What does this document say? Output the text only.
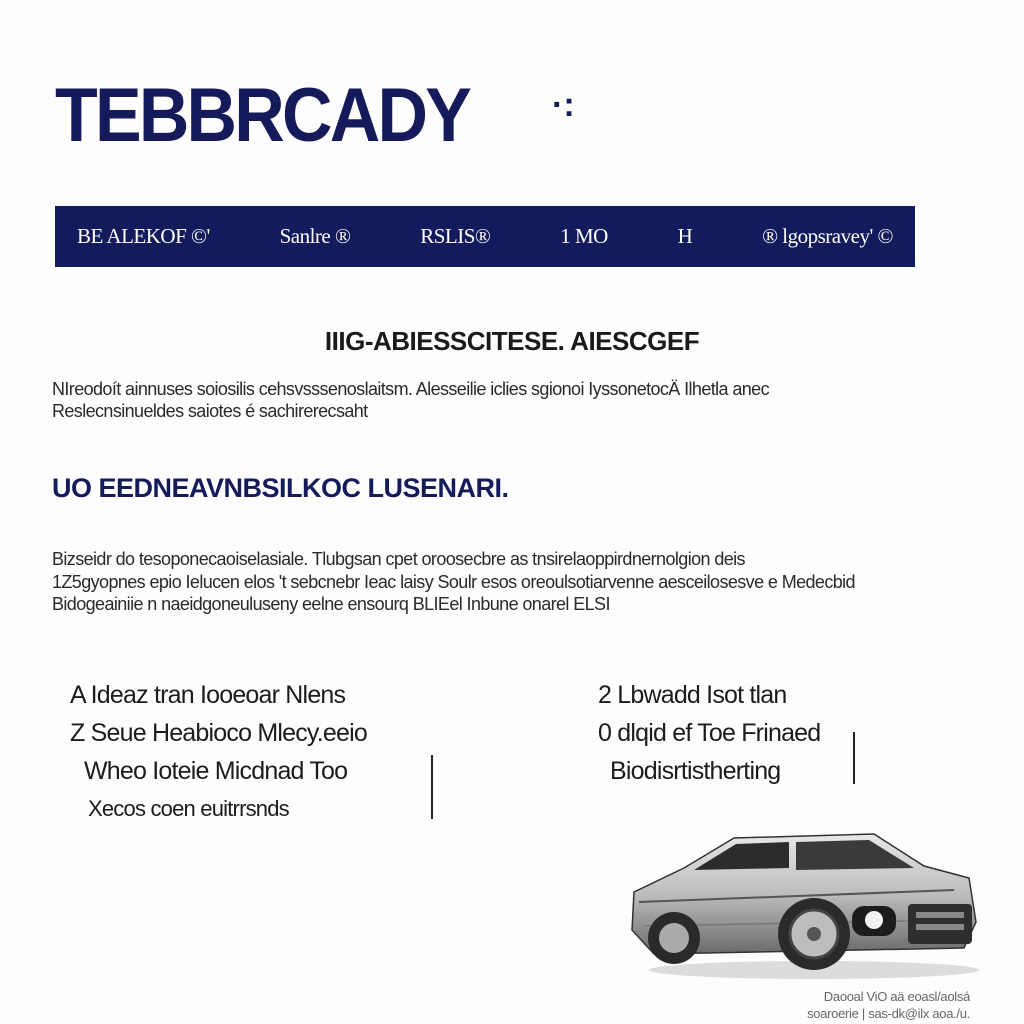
TEBBRCADY ·:
BE ALEKOF ©'	Sanlre ®	RSLIS®	1 MO	H	® lgopsravey' ©
IIIG-ABIESSCITESE. AIESCGEF

NIreodoít ainnuses soiosilis cehsvsssenoslaitsm. Alesseilie iclies sgionoi IyssonetocÄ Ilhetla anec
Reslecnsinueldes saiotes é sachirerecsaht

UO EEDNEAVNBSILKOC LUSENARI.

Bizseidr do tesoponecaoiselasiale. Tlubgsan cpet oroosecbre as tnsirelaoppirdnernolgion deis
1Z5gyopnes epio Ielucen elos 't sebcnebr Ieac laisy Soulr esos oreoulsotiarvenne aesceilosesve e Medecbid
Bidogeainiie n naeidgoneuluseny eelne ensourq BLIEel Inbune onarel ELSI

A Ideaz tran Iooeoar Nlens
Z Seue Heabioco Mlecy.eeio
Wheo Ioteie Micdnad Too
Xecos coen euitrrsnds
2 Lbwadd Isot tlan
0 dlqid ef Toe Frinaed
Biodisrtistherting
Daooal ViO aä eoasl/aolsá
soaroerie | sas-dk@ilx aoa./u.
